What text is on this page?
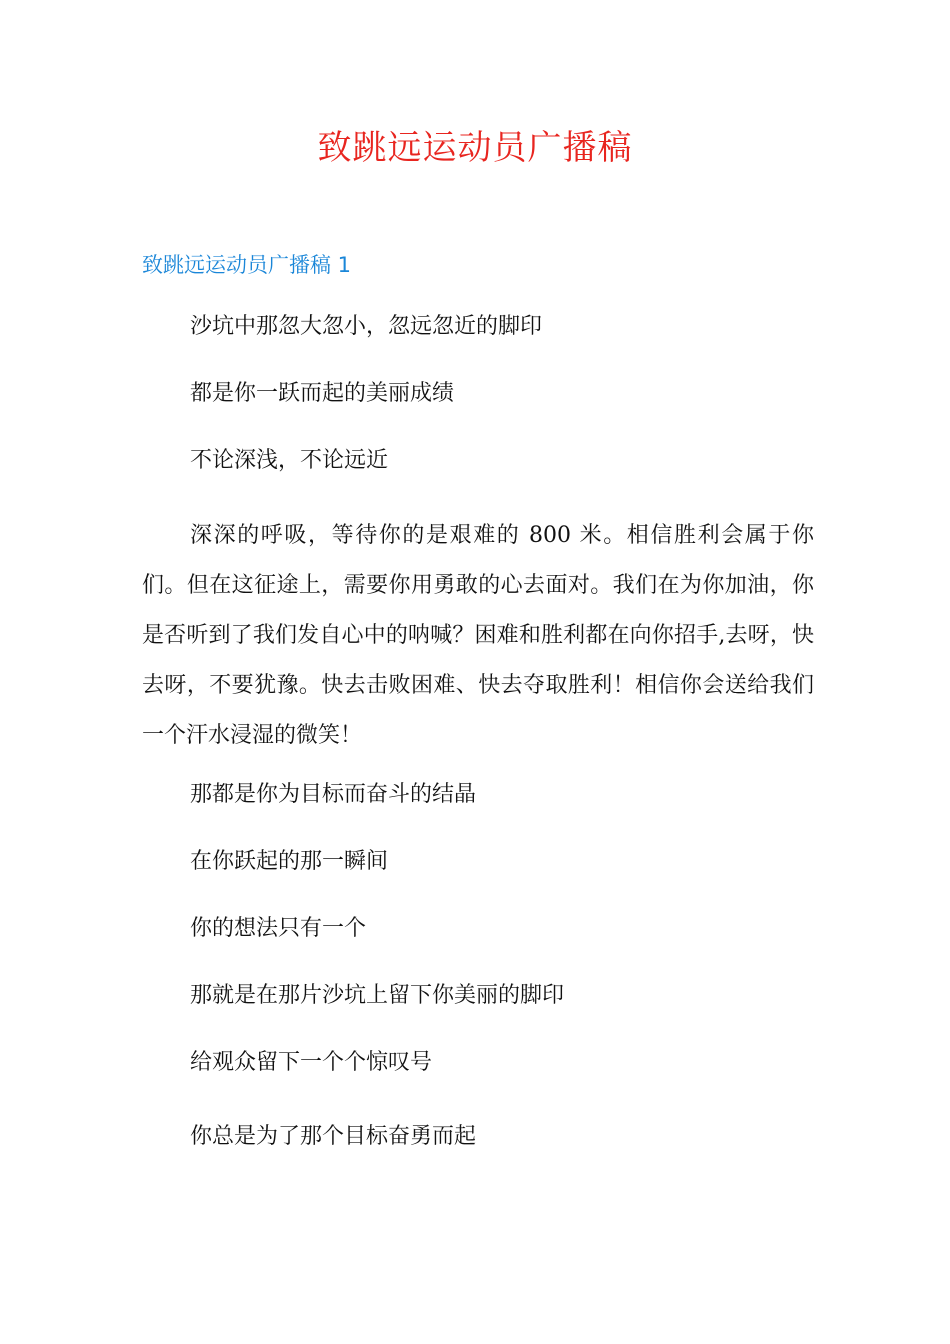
致跳远运动员广播稿
致跳远运动员广播稿 1
沙坑中那忽大忽小，忽远忽近的脚印
都是你一跃而起的美丽成绩
不论深浅，不论远近
深深的呼吸，等待你的是艰难的 800 米。相信胜利会属于你们。但在这征途上，需要你用勇敢的心去面对。我们在为你加油，你是否听到了我们发自心中的呐喊？困难和胜利都在向你招手,去呀，快去呀，不要犹豫。快去击败困难、快去夺取胜利！相信你会送给我们一个汗水浸湿的微笑！
那都是你为目标而奋斗的结晶
在你跃起的那一瞬间
你的想法只有一个
那就是在那片沙坑上留下你美丽的脚印
给观众留下一个个惊叹号
你总是为了那个目标奋勇而起
